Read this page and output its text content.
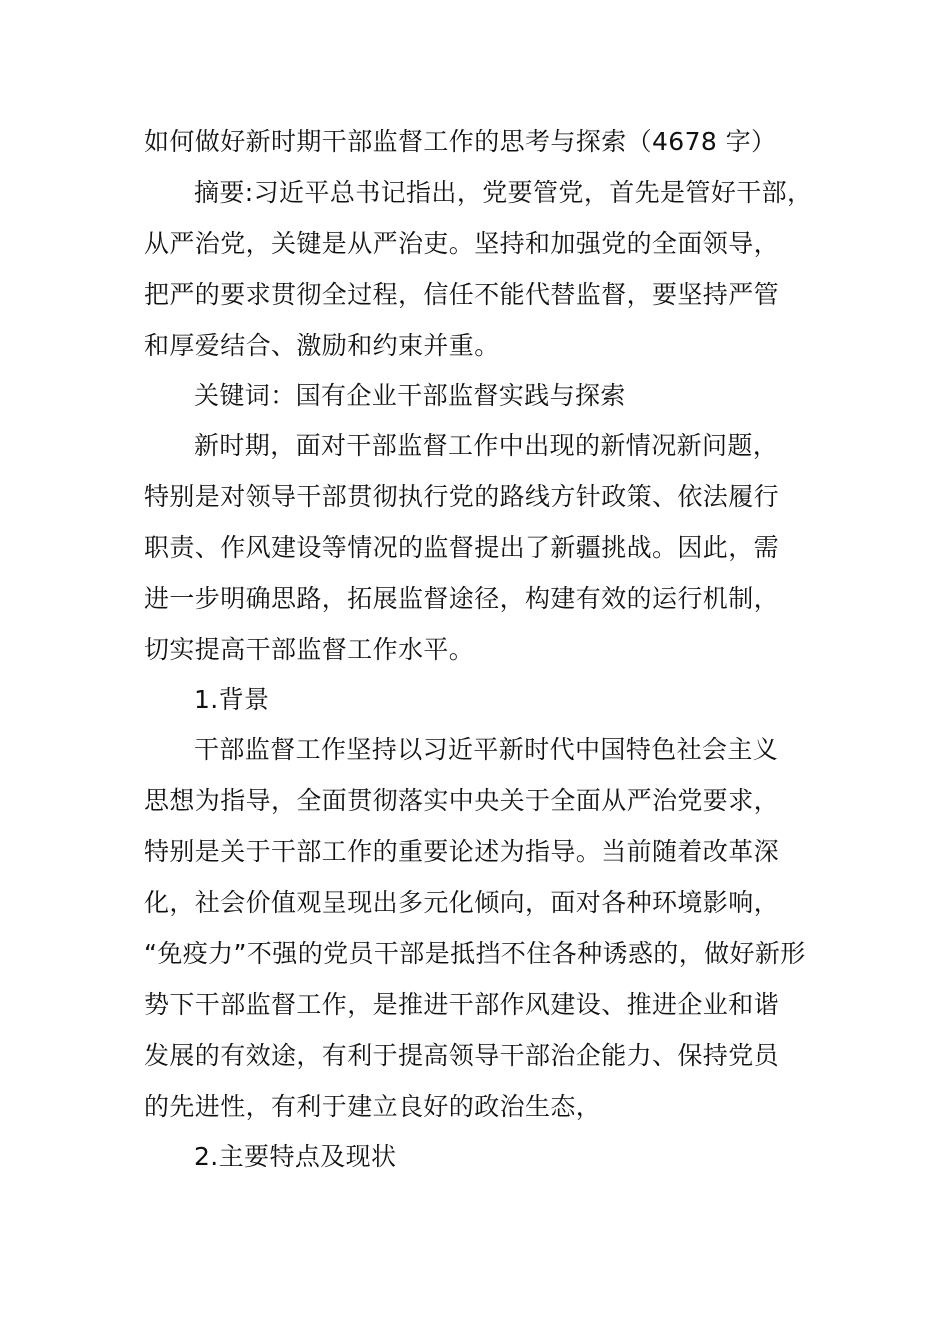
如何做好新时期干部监督工作的思考与探索（4678 字）
摘要:习近平总书记指出，党要管党，首先是管好干部，
从严治党，关键是从严治吏。坚持和加强党的全面领导，
把严的要求贯彻全过程，信任不能代替监督，要坚持严管
和厚爱结合、激励和约束并重。
关键词：国有企业干部监督实践与探索
新时期，面对干部监督工作中出现的新情况新问题，
特别是对领导干部贯彻执行党的路线方针政策、依法履行
职责、作风建设等情况的监督提出了新疆挑战。因此，需
进一步明确思路，拓展监督途径，构建有效的运行机制，
切实提高干部监督工作水平。
1.背景
干部监督工作坚持以习近平新时代中国特色社会主义
思想为指导，全面贯彻落实中央关于全面从严治党要求，
特别是关于干部工作的重要论述为指导。当前随着改革深
化，社会价值观呈现出多元化倾向，面对各种环境影响，
“免疫力”不强的党员干部是抵挡不住各种诱惑的，做好新形
势下干部监督工作，是推进干部作风建设、推进企业和谐
发展的有效途，有利于提高领导干部治企能力、保持党员
的先进性，有利于建立良好的政治生态，
2.主要特点及现状
